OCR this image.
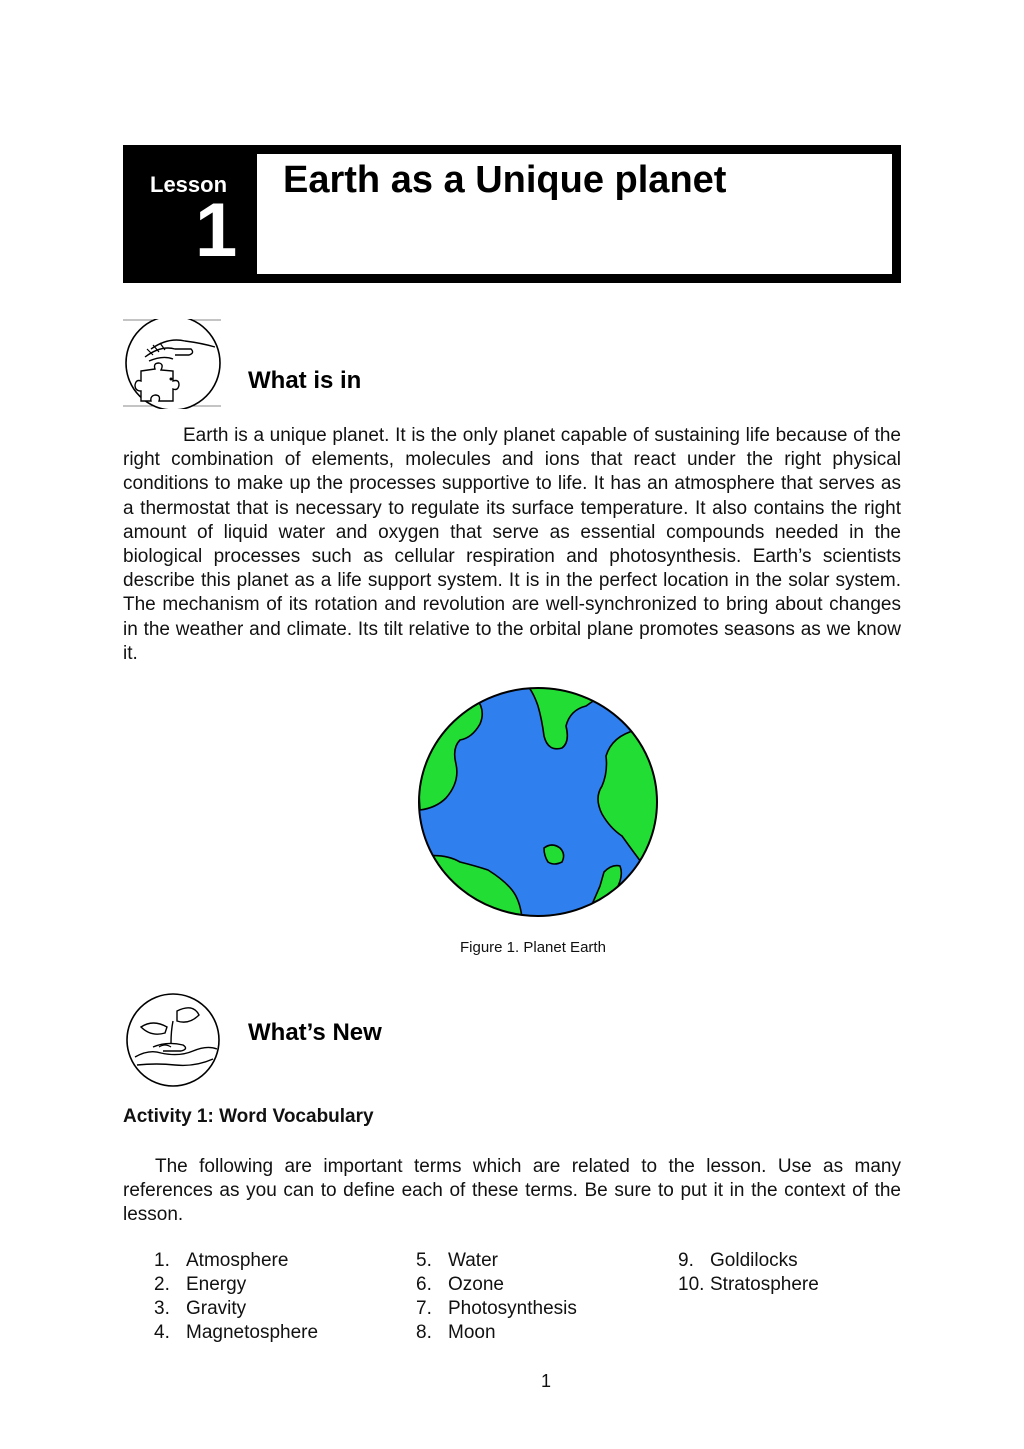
Lesson
1
Earth as a Unique planet
What is in
Earth is a unique planet. It is the only planet capable of sustaining life because of the right combination of elements, molecules and ions that react under the right physical conditions to make up the processes supportive to life. It has an atmosphere that serves as a thermostat that is necessary to regulate its surface temperature. It also contains the right amount of liquid water and oxygen that serve as essential compounds needed in the biological processes such as cellular respiration and photosynthesis. Earth’s scientists describe this planet as a life support system. It is in the perfect location in the solar system. The mechanism of its rotation and revolution are well-synchronized to bring about changes in the weather and climate. Its tilt relative to the orbital plane promotes seasons as we know it.
Figure 1. Planet Earth
What’s New
Activity 1: Word Vocabulary
The following are important terms which are related to the lesson. Use as many references as you can to define each of these terms. Be sure to put it in the context of the lesson.
1. Atmosphere
2. Energy
3. Gravity
4. Magnetosphere
5. Water
6. Ozone
7. Photosynthesis
8. Moon
9. Goldilocks
10. Stratosphere
1
